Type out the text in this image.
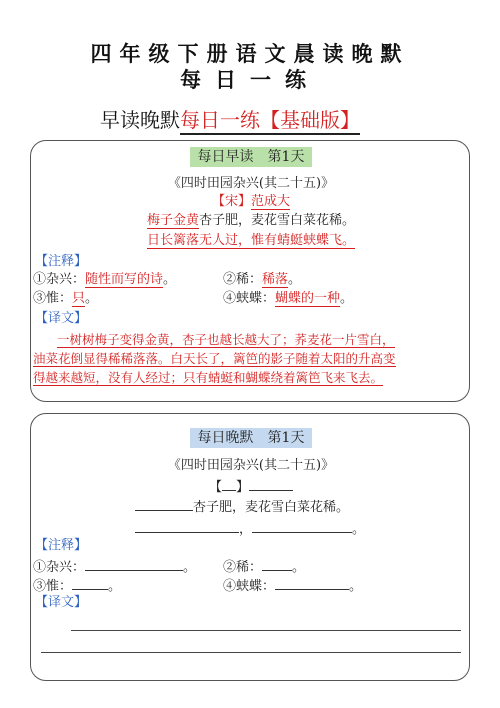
四年级下册语文晨读晚默
每日一练
早读晚默每日一练【基础版】
每日早读　第1天
《四时田园杂兴(其二十五)》
【宋】范成大
梅子金黄杏子肥，麦花雪白菜花稀。
日长篱落无人过，惟有蜻蜓蛱蝶飞。
【注释】
①杂兴：随性而写的诗。	②稀：稀落。
③惟：只。	④蛱蝶：蝴蝶的一种。
【译文】
一树树梅子变得金黄，杏子也越长越大了；荞麦花一片雪白，
油菜花倒显得稀稀落落。白天长了，篱笆的影子随着太阳的升高变
得越来越短，没有人经过；只有蜻蜓和蝴蝶绕着篱笆飞来飞去。
每日晚默　第1天
《四时田园杂兴(其二十五)》
【 】
杏子肥，麦花雪白菜花稀。
，	。
【注释】
①杂兴：	。 ②稀： 。
③惟：	。	④蛱蝶：	。
【译文】
